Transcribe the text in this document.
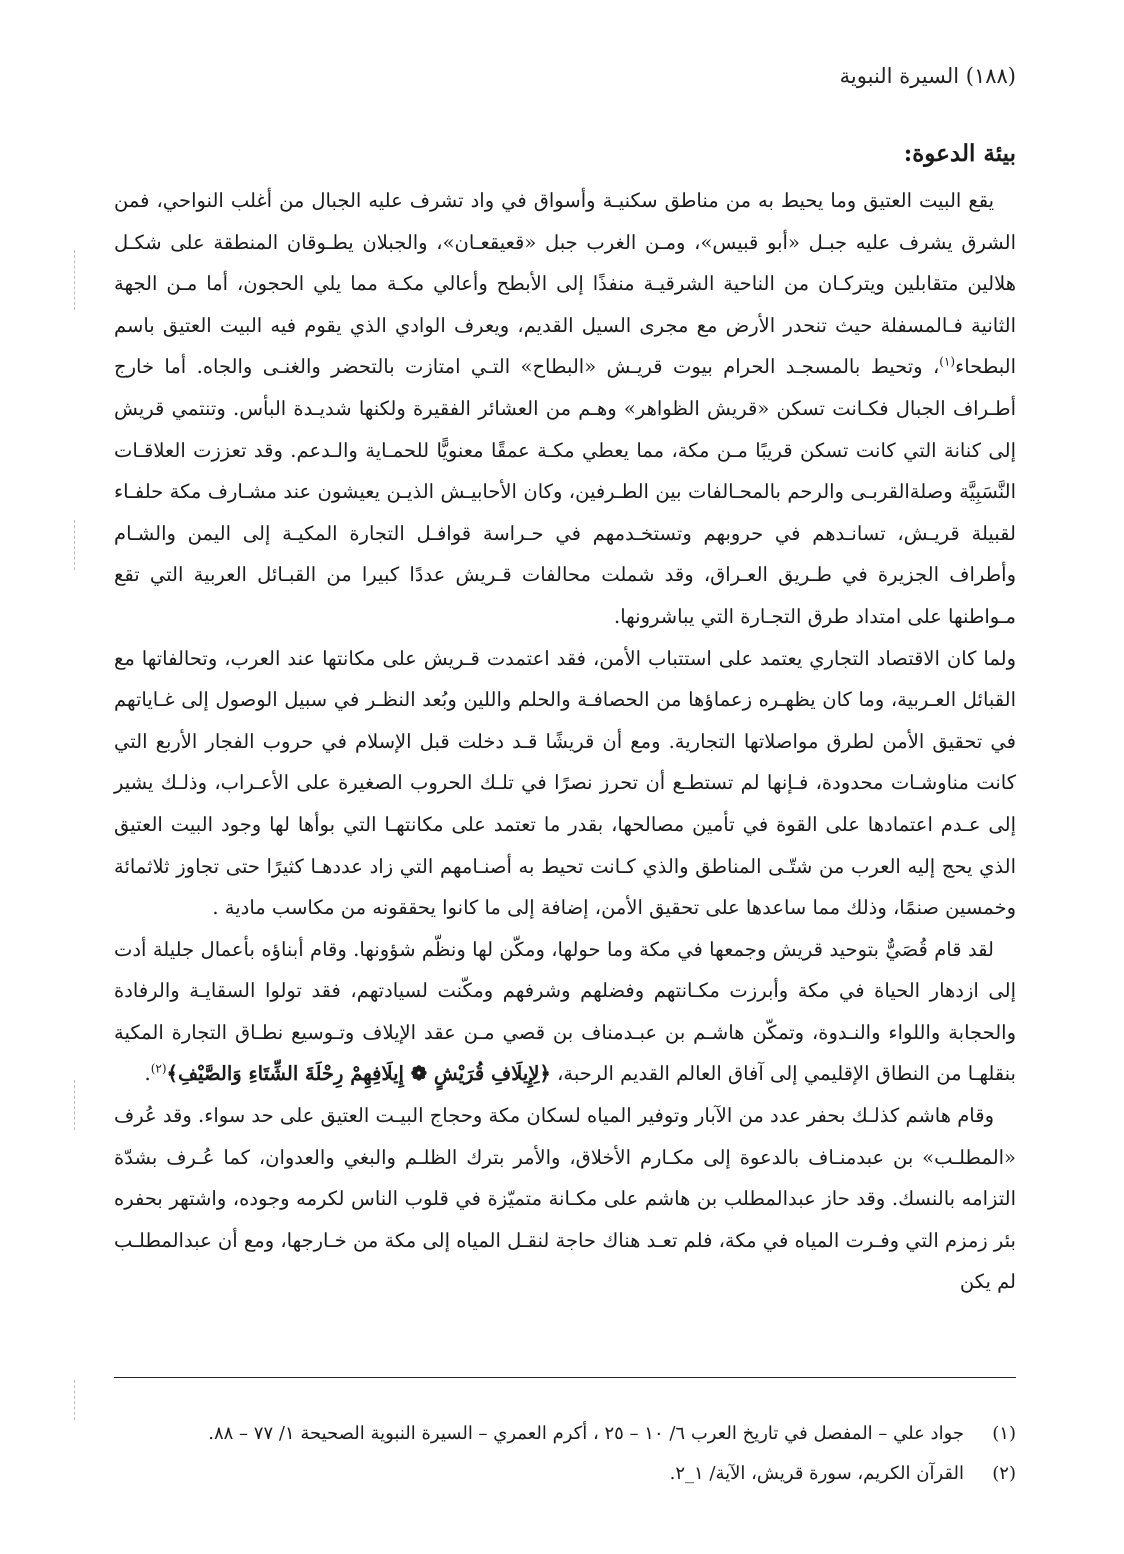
(١٨٨) السيرة النبوية
بيئة الدعوة:

يقع البيت العتيق وما يحيط به من مناطق سكنيـة وأسواق في واد تشرف عليه الجبال من أغلب النواحي، فمن الشرق يشرف عليه جبـل «أبو قبيس»، ومـن الغرب جبل «قعيقعـان»، والجبلان يطـوقان المنطقة على شكـل هلالين متقابلين ويتركـان من الناحية الشرقيـة منفذًا إلى الأبطح وأعالي مكـة مما يلي الحجون، أما مـن الجهة الثانية فـالمسفلة حيث تنحدر الأرض مع مجرى السيل القديم، ويعرف الوادي الذي يقوم فيه البيت العتيق باسم البطحاء$^{(١)}$، وتحيط بالمسجـد الحرام بيوت قريـش «البطاح» التـي امتازت بالتحضر والغنـى والجاه. أما خارج أطـراف الجبال فكـانت تسكن «قريش الظواهر» وهـم من العشائر الفقيرة ولكنها شديـدة البأس. وتنتمي قريش إلى كنانة التي كانت تسكن قريبًا مـن مكة، مما يعطي مكـة عمقًا معنويًّا للحمـاية والـدعم. وقد تعززت العلاقـات النَّسَبِيَّة وصلةالقربـى والرحم بالمحـالفات بين الطـرفين، وكان الأحابيـش الذيـن يعيشون عند مشـارف مكة حلفـاء لقبيلة قريـش، تسانـدهم في حروبهم وتستخـدمهم في حـراسة قوافـل التجارة المكيـة إلى اليمن والشـام وأطراف الجزيرة في طـريق العـراق، وقد شملت محالفات قـريش عددًا كبيرا من القبـائل العربية التي تقع مـواطنها على امتداد طرق التجـارة التي يباشرونها.

ولما كان الاقتصاد التجاري يعتمد على استتباب الأمن، فقد اعتمدت قـريش على مكانتها عند العرب، وتحالفاتها مع القبائل العـربية، وما كان يظهـره زعماؤها من الحصافـة والحلم واللين وبُعد النظـر في سبيل الوصول إلى غـاياتهم في تحقيق الأمن لطرق مواصلاتها التجارية. ومع أن قريشًا قـد دخلت قبل الإسلام في حروب الفجار الأربع التي كانت مناوشـات محدودة، فـإنها لم تستطـع أن تحرز نصرًا في تلـك الحروب الصغيرة على الأعـراب، وذلـك يشير إلى عـدم اعتمادها على القوة في تأمين مصالحها، بقدر ما تعتمد على مكانتهـا التي بوأها لها وجود البيت العتيق الذي يحج إليه العرب من شتّـى المناطق والذي كـانت تحيط به أصنـامهم التي زاد عددهـا كثيرًا حتى تجاوز ثلاثمائة وخمسين صنمًا، وذلك مما ساعدها على تحقيق الأمن، إضافة إلى ما كانوا يحققونه من مكاسب مادية .

لقد قام قُصَيٌّ بتوحيد قريش وجمعها في مكة وما حولها، ومكّن لها ونظّم شؤونها. وقام أبناؤه بأعمال جليلة أدت إلى ازدهار الحياة في مكة وأبرزت مكـانتهم وفضلهم وشرفهم ومكّنت لسيادتهم، فقد تولوا السقايـة والرفادة والحجابة واللواء والنـدوة، وتمكّن هاشـم بن عبـدمناف بن قصي مـن عقد الإيلاف وتـوسيع نطـاق التجارة المكية بنقلهـا من النطاق الإقليمي إلى آفاق العالم القديم الرحبة، ﴿لِإِيلَافِ قُرَيْشٍ ❁ إِيلَافِهِمْ رِحْلَةَ الشِّتَاءِ وَالصَّيْفِ﴾$^{(٢)}$.

وقام هاشم كذلـك بحفر عدد من الآبار وتوفير المياه لسكان مكة وحجاج البيـت العتيق على حد سواء. وقد عُرف «المطلـب» بن عبدمنـاف بالدعوة إلى مكـارم الأخلاق، والأمر بترك الظلـم والبغي والعدوان، كما عُـرف بشدّة التزامه بالنسك. وقد حاز عبدالمطلب بن هاشم على مكـانة متميّزة في قلوب الناس لكرمه وجوده، واشتهر بحفره بئر زمزم التي وفـرت المياه في مكة، فلم تعـد هناك حاجة لنقـل المياه إلى مكة من خـارجها، ومع أن عبدالمطلـب لم يكن

(١)
جواد علي – المفصل في تاريخ العرب ٦/ ١٠ – ٢٥ ، أكرم العمري – السيرة النبوية الصحيحة ١/ ٧٧ – ٨٨.
(٢)
القرآن الكريم، سورة قريش، الآية/ ١_٢.
